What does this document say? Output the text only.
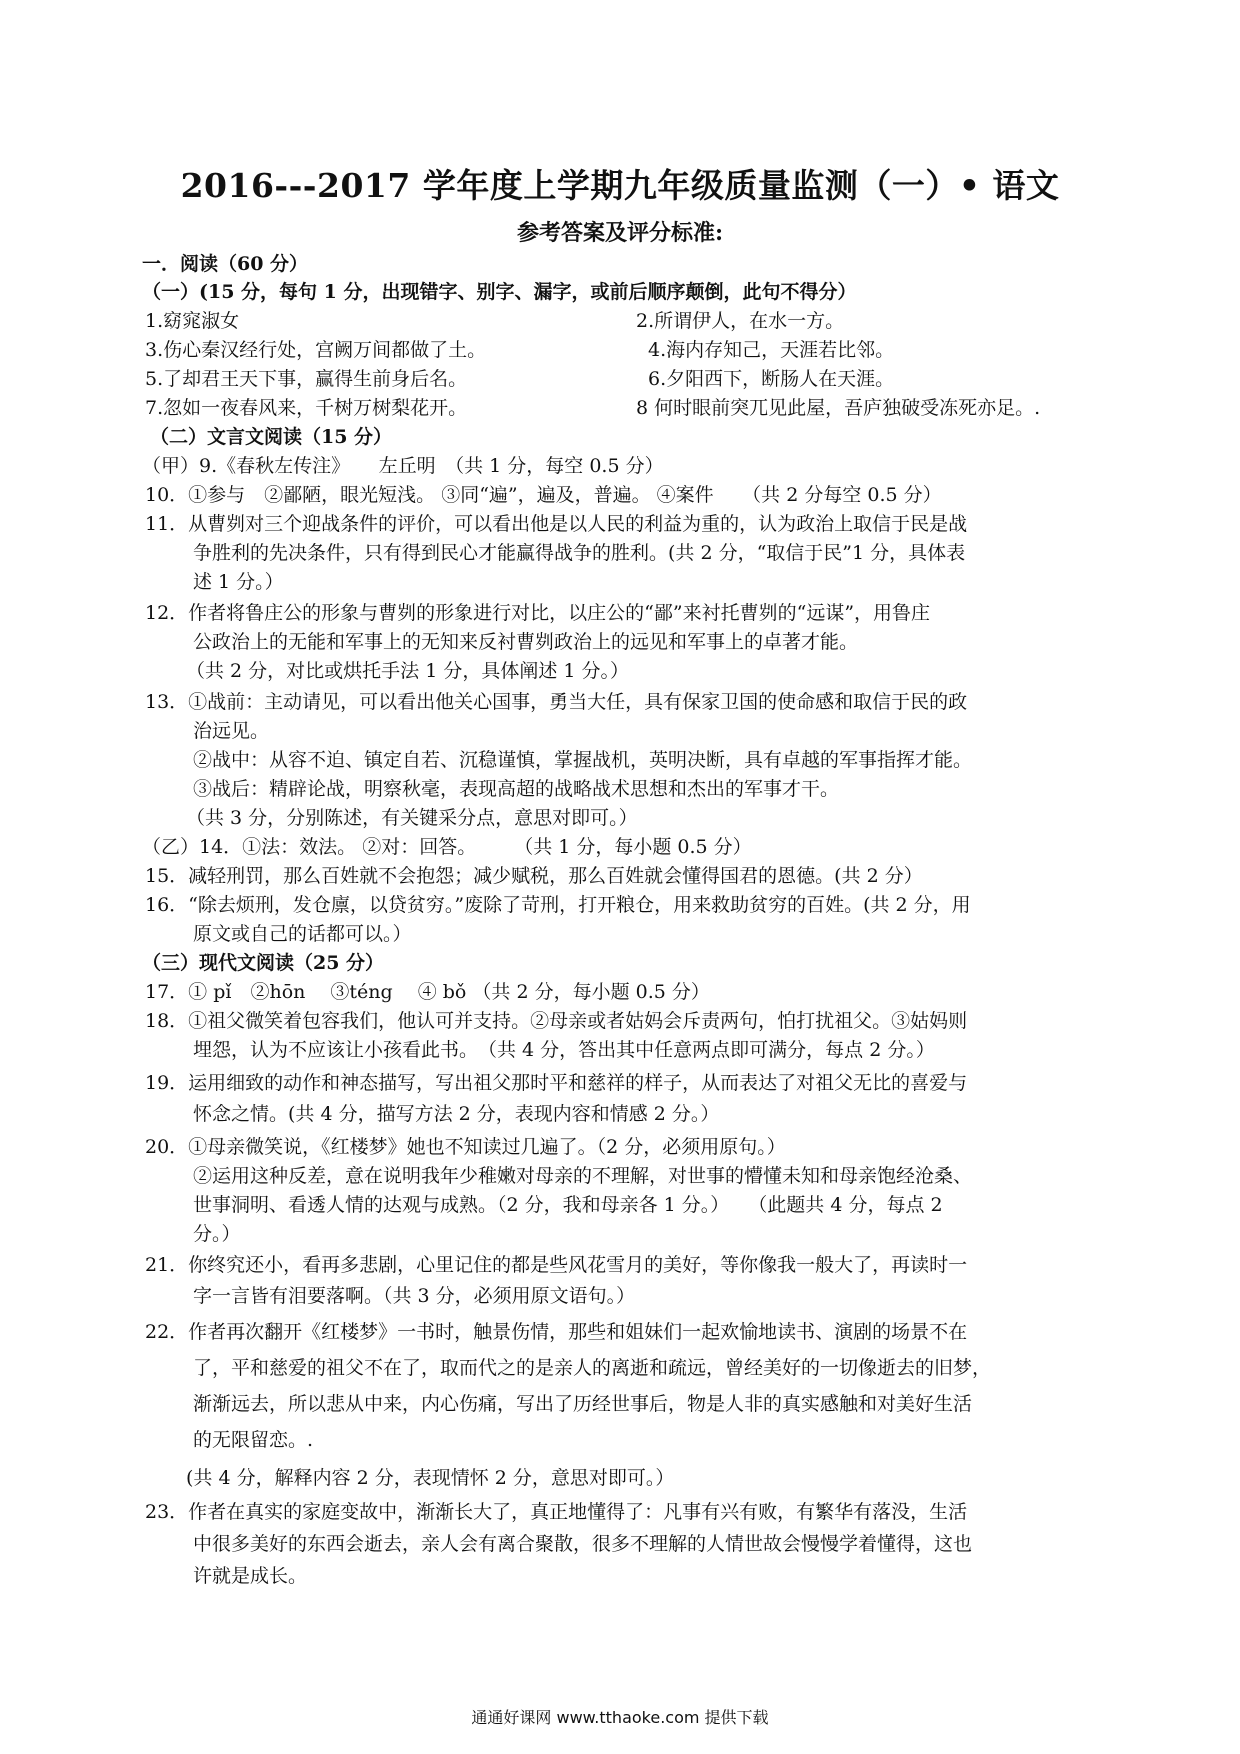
2016---2017 学年度上学期九年级质量监测（一）• 语文
参考答案及评分标准:
一．阅读（60 分）
（一）(15 分，每句 1 分，出现错字、别字、漏字，或前后顺序颠倒，此句不得分）
1.窈窕淑女	2.所谓伊人，在水一方。
3.伤心秦汉经行处，宫阙万间都做了土。	4.海内存知己，天涯若比邻。
5.了却君王天下事，赢得生前身后名。	6.夕阳西下，断肠人在天涯。
7.忽如一夜春风来，千树万树梨花开。	8 何时眼前突兀见此屋，吾庐独破受冻死亦足。.
（二）文言文阅读（15 分）
（甲）9.《春秋左传注》　　左丘明　（共 1 分，每空 0.5 分）
10．①参与　②鄙陋，眼光短浅。 ③同“遍”，遍及，普遍。 ④案件　　（共 2 分每空 0.5 分）
11．从曹刿对三个迎战条件的评价，可以看出他是以人民的利益为重的，认为政治上取信于民是战
争胜利的先决条件，只有得到民心才能赢得战争的胜利。(共 2 分，“取信于民”1 分，具体表
述 1 分。）
12．作者将鲁庄公的形象与曹刿的形象进行对比，以庄公的“鄙”来衬托曹刿的“远谋”，用鲁庄
公政治上的无能和军事上的无知来反衬曹刿政治上的远见和军事上的卓著才能。
（共 2 分，对比或烘托手法 1 分，具体阐述 1 分。）
13．①战前：主动请见，可以看出他关心国事，勇当大任，具有保家卫国的使命感和取信于民的政
治远见。
②战中：从容不迫、镇定自若、沉稳谨慎，掌握战机，英明决断，具有卓越的军事指挥才能。
③战后：精辟论战，明察秋毫，表现高超的战略战术思想和杰出的军事才干。
（共 3 分，分别陈述，有关键采分点，意思对即可。）
（乙）14．①法：效法。 ②对：回答。　　　（共 1 分，每小题 0.5 分）
15．减轻刑罚，那么百姓就不会抱怨；减少赋税，那么百姓就会懂得国君的恩德。(共 2 分）
16．“除去烦刑，发仓廪，以贷贫穷。”废除了苛刑，打开粮仓，用来救助贫穷的百姓。(共 2 分，用
原文或自己的话都可以。）
（三）现代文阅读（25 分）
17．① pǐ　②hōn　 ③téng　 ④ bǒ （共 2 分，每小题 0.5 分）
18．①祖父微笑着包容我们，他认可并支持。②母亲或者姑妈会斥责两句，怕打扰祖父。③姑妈则
埋怨，认为不应该让小孩看此书。　（共 4 分，答出其中任意两点即可满分，每点 2 分。）
19．运用细致的动作和神态描写，写出祖父那时平和慈祥的样子，从而表达了对祖父无比的喜爱与
怀念之情。(共 4 分，描写方法 2 分，表现内容和情感 2 分。）
20．①母亲微笑说，《红楼梦》她也不知读过几遍了。（2 分，必须用原句。）
②运用这种反差，意在说明我年少稚嫩对母亲的不理解，对世事的懵懂未知和母亲饱经沧桑、
世事洞明、看透人情的达观与成熟。（2 分，我和母亲各 1 分。）　　（此题共 4 分，每点 2
分。）
21．你终究还小，看再多悲剧，心里记住的都是些风花雪月的美好，等你像我一般大了，再读时一
字一言皆有泪要落啊。（共 3 分，必须用原文语句。）
22．作者再次翻开《红楼梦》一书时，触景伤情，那些和姐妹们一起欢愉地读书、演剧的场景不在
了，平和慈爱的祖父不在了，取而代之的是亲人的离逝和疏远，曾经美好的一切像逝去的旧梦，
渐渐远去，所以悲从中来，内心伤痛，写出了历经世事后，物是人非的真实感触和对美好生活
的无限留恋。.
(共 4 分，解释内容 2 分，表现情怀 2 分，意思对即可。）
23．作者在真实的家庭变故中，渐渐长大了，真正地懂得了：凡事有兴有败，有繁华有落没，生活
中很多美好的东西会逝去，亲人会有离合聚散，很多不理解的人情世故会慢慢学着懂得，这也
许就是成长。
通通好课网 www.tthaoke.com 提供下载
